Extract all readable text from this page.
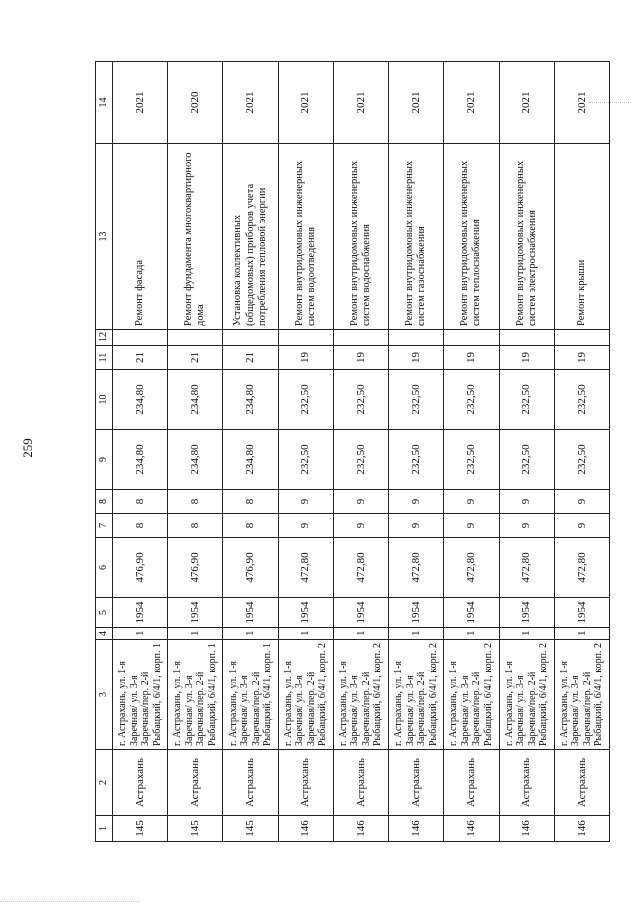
259
1	2	3	4	5	6	7	8	9	10	11	12	13	14
145	Астрахань	г. Астрахань, ул. 1-я Заречная/ ул. 3-я Заречная/пер. 2-й Рыбацкий, 6/4/1, корп. 1	1	1954	476,90	8	8	234,80	234,80	21		Ремонт фасада	2021
145	Астрахань	г. Астрахань, ул. 1-я Заречная/ ул. 3-я Заречная/пер. 2-й Рыбацкий, 6/4/1, корп. 1	1	1954	476,90	8	8	234,80	234,80	21		Ремонт фундамента многоквартирного дома	2020
145	Астрахань	г. Астрахань, ул. 1-я Заречная/ ул. 3-я Заречная/пер. 2-й Рыбацкий, 6/4/1, корп. 1	1	1954	476,90	8	8	234,80	234,80	21		Установка коллективных (общедомовых) приборов учета потребления тепловой энергии	2021
146	Астрахань	г. Астрахань, ул. 1-я Заречная/ ул. 3-я Заречная/пер. 2-й Рыбацкий, 6/4/1, корп. 2	1	1954	472,80	9	9	232,50	232,50	19		Ремонт внутридомовых инженерных систем водоотведения	2021
146	Астрахань	г. Астрахань, ул. 1-я Заречная/ ул. 3-я Заречная/пер. 2-й Рыбацкий, 6/4/1, корп. 2	1	1954	472,80	9	9	232,50	232,50	19		Ремонт внутридомовых инженерных систем водоснабжения	2021
146	Астрахань	г. Астрахань, ул. 1-я Заречная/ ул. 3-я Заречная/пер. 2-й Рыбацкий, 6/4/1, корп. 2	1	1954	472,80	9	9	232,50	232,50	19		Ремонт внутридомовых инженерных систем газоснабжения	2021
146	Астрахань	г. Астрахань, ул. 1-я Заречная/ ул. 3-я Заречная/пер. 2-й Рыбацкий, 6/4/1, корп. 2	1	1954	472,80	9	9	232,50	232,50	19		Ремонт внутридомовых инженерных систем теплоснабжения	2021
146	Астрахань	г. Астрахань, ул. 1-я Заречная/ ул. 3-я Заречная/пер. 2-й Рыбацкий, 6/4/1, корп. 2	1	1954	472,80	9	9	232,50	232,50	19		Ремонт внутридомовых инженерных систем электроснабжения	2021
146	Астрахань	г. Астрахань, ул. 1-я Заречная/ ул. 3-я Заречная/пер. 2-й Рыбацкий, 6/4/1, корп. 2	1	1954	472,80	9	9	232,50	232,50	19		Ремонт крыши	2021
